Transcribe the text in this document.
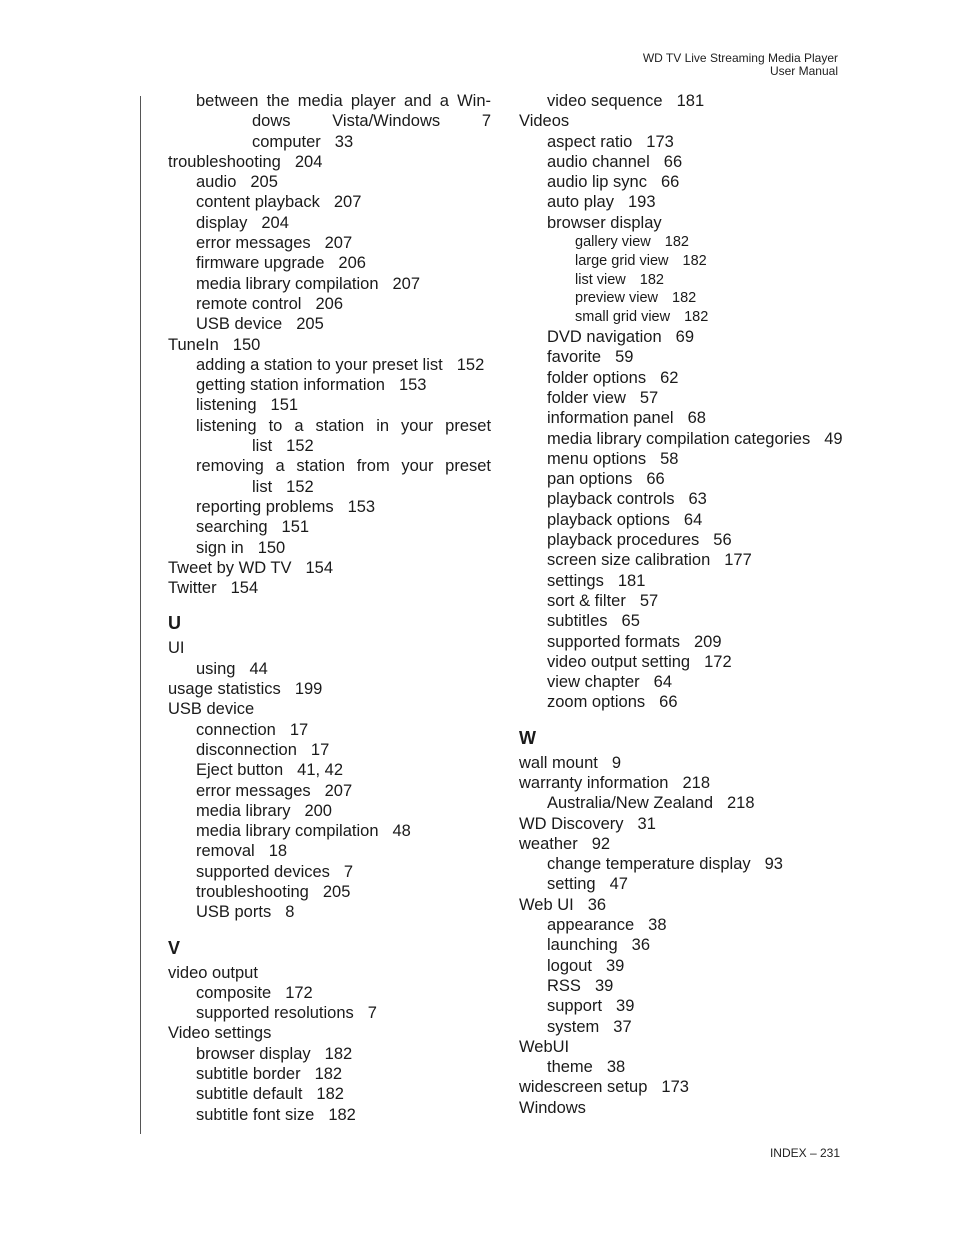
WD TV Live Streaming Media Player
User Manual
between the media player and a Win-
dows	Vista/Windows	7
computer 33
troubleshooting 204
audio 205
content playback 207
display 204
error messages 207
firmware upgrade 206
media library compilation 207
remote control 206
USB device 205
TuneIn 150
adding a station to your preset list 152
getting station information 153
listening 151
listening to a station in your preset
list 152
removing a station from your preset
list 152
reporting problems 153
searching 151
sign in 150
Tweet by WD TV 154
Twitter 154
U
UI
using 44
usage statistics 199
USB device
connection 17
disconnection 17
Eject button 41, 42
error messages 207
media library 200
media library compilation 48
removal 18
supported devices 7
troubleshooting 205
USB ports 8
V
video output
composite 172
supported resolutions 7
Video settings
browser display 182
subtitle border 182
subtitle default 182
subtitle font size 182
video sequence 181
Videos
aspect ratio 173
audio channel 66
audio lip sync 66
auto play 193
browser display
gallery view 182
large grid view 182
list view 182
preview view 182
small grid view 182
DVD navigation 69
favorite 59
folder options 62
folder view 57
information panel 68
media library compilation categories 49
menu options 58
pan options 66
playback controls 63
playback options 64
playback procedures 56
screen size calibration 177
settings 181
sort & filter 57
subtitles 65
supported formats 209
video output setting 172
view chapter 64
zoom options 66
W
wall mount 9
warranty information 218
Australia/New Zealand 218
WD Discovery 31
weather 92
change temperature display 93
setting 47
Web UI 36
appearance 38
launching 36
logout 39
RSS 39
support 39
system 37
WebUI
theme 38
widescreen setup 173
Windows
INDEX – 231
